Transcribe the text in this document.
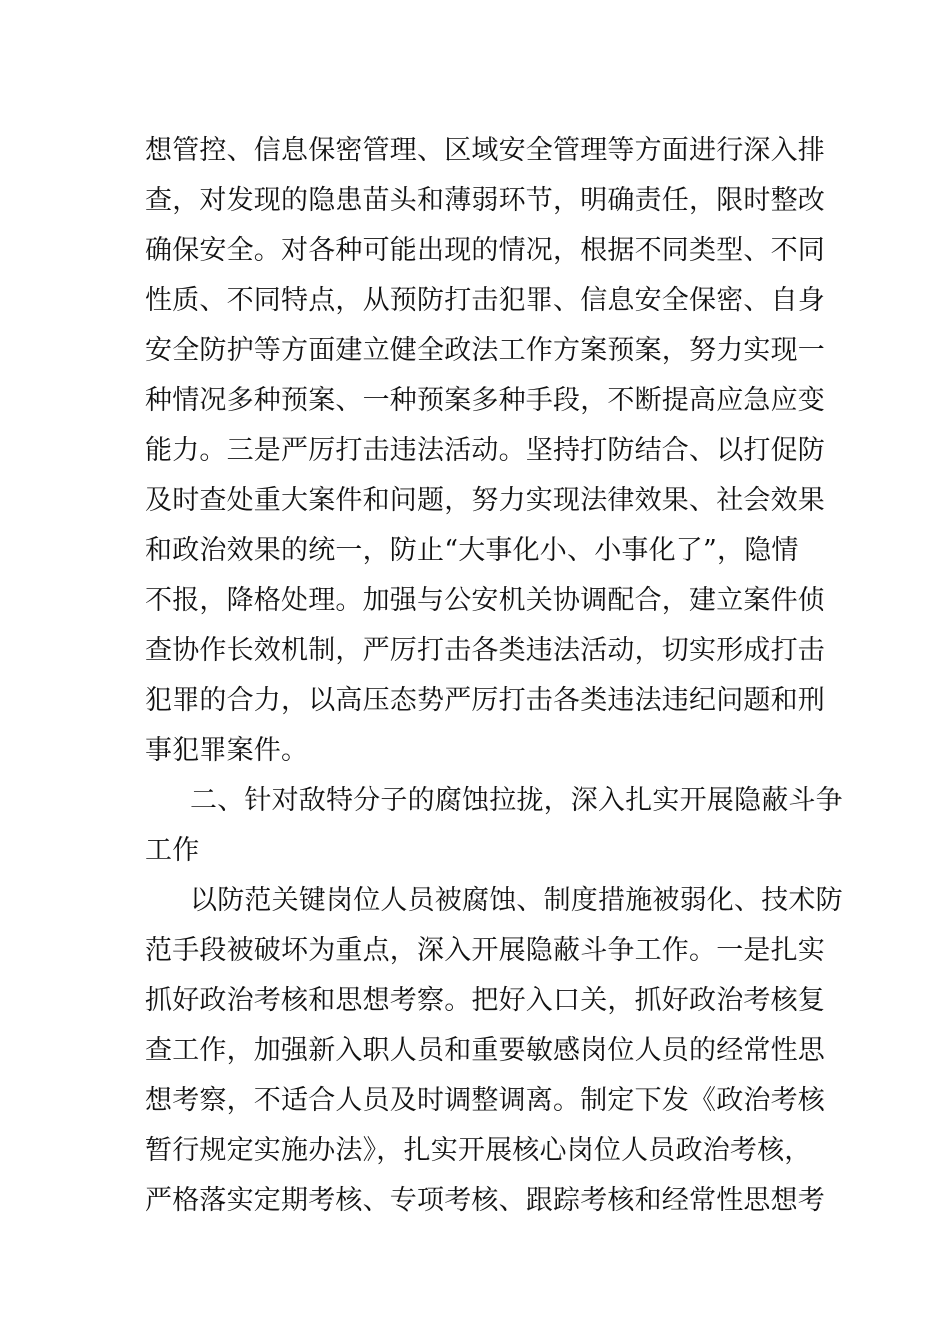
想管控、信息保密管理、区域安全管理等方面进行深入排
查，对发现的隐患苗头和薄弱环节，明确责任，限时整改
确保安全。对各种可能出现的情况，根据不同类型、不同
性质、不同特点，从预防打击犯罪、信息安全保密、自身
安全防护等方面建立健全政法工作方案预案，努力实现一
种情况多种预案、一种预案多种手段，不断提高应急应变
能力。三是严厉打击违法活动。坚持打防结合、以打促防
及时查处重大案件和问题，努力实现法律效果、社会效果
和政治效果的统一，防止“大事化小、小事化了”，隐情
不报，降格处理。加强与公安机关协调配合，建立案件侦
查协作长效机制，严厉打击各类违法活动，切实形成打击
犯罪的合力，以高压态势严厉打击各类违法违纪问题和刑
事犯罪案件。
二、针对敌特分子的腐蚀拉拢，深入扎实开展隐蔽斗争
工作
以防范关键岗位人员被腐蚀、制度措施被弱化、技术防
范手段被破坏为重点，深入开展隐蔽斗争工作。一是扎实
抓好政治考核和思想考察。把好入口关，抓好政治考核复
查工作，加强新入职人员和重要敏感岗位人员的经常性思
想考察，不适合人员及时调整调离。制定下发《政治考核
暂行规定实施办法》，扎实开展核心岗位人员政治考核，
严格落实定期考核、专项考核、跟踪考核和经常性思想考
